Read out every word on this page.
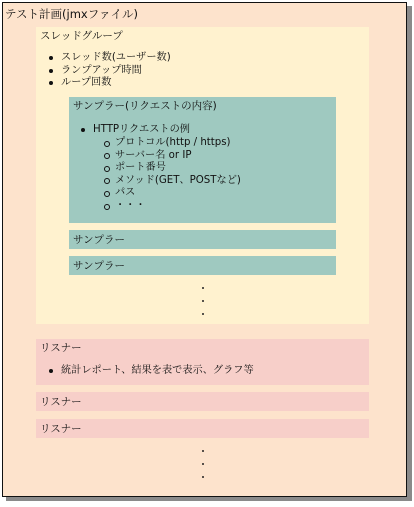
テスト計画(jmxファイル)
スレッドグループ
スレッド数(ユーザー数)
ランプアップ時間
ループ回数
サンプラー(リクエストの内容)
HTTPリクエストの例
プロトコル(http / https)
サーバー名 or IP
ポート番号
メソッド(GET、POSTなど)
パス
・・・
サンプラー
サンプラー
リスナー
統計レポート、結果を表で表示、グラフ等
リスナー
リスナー
